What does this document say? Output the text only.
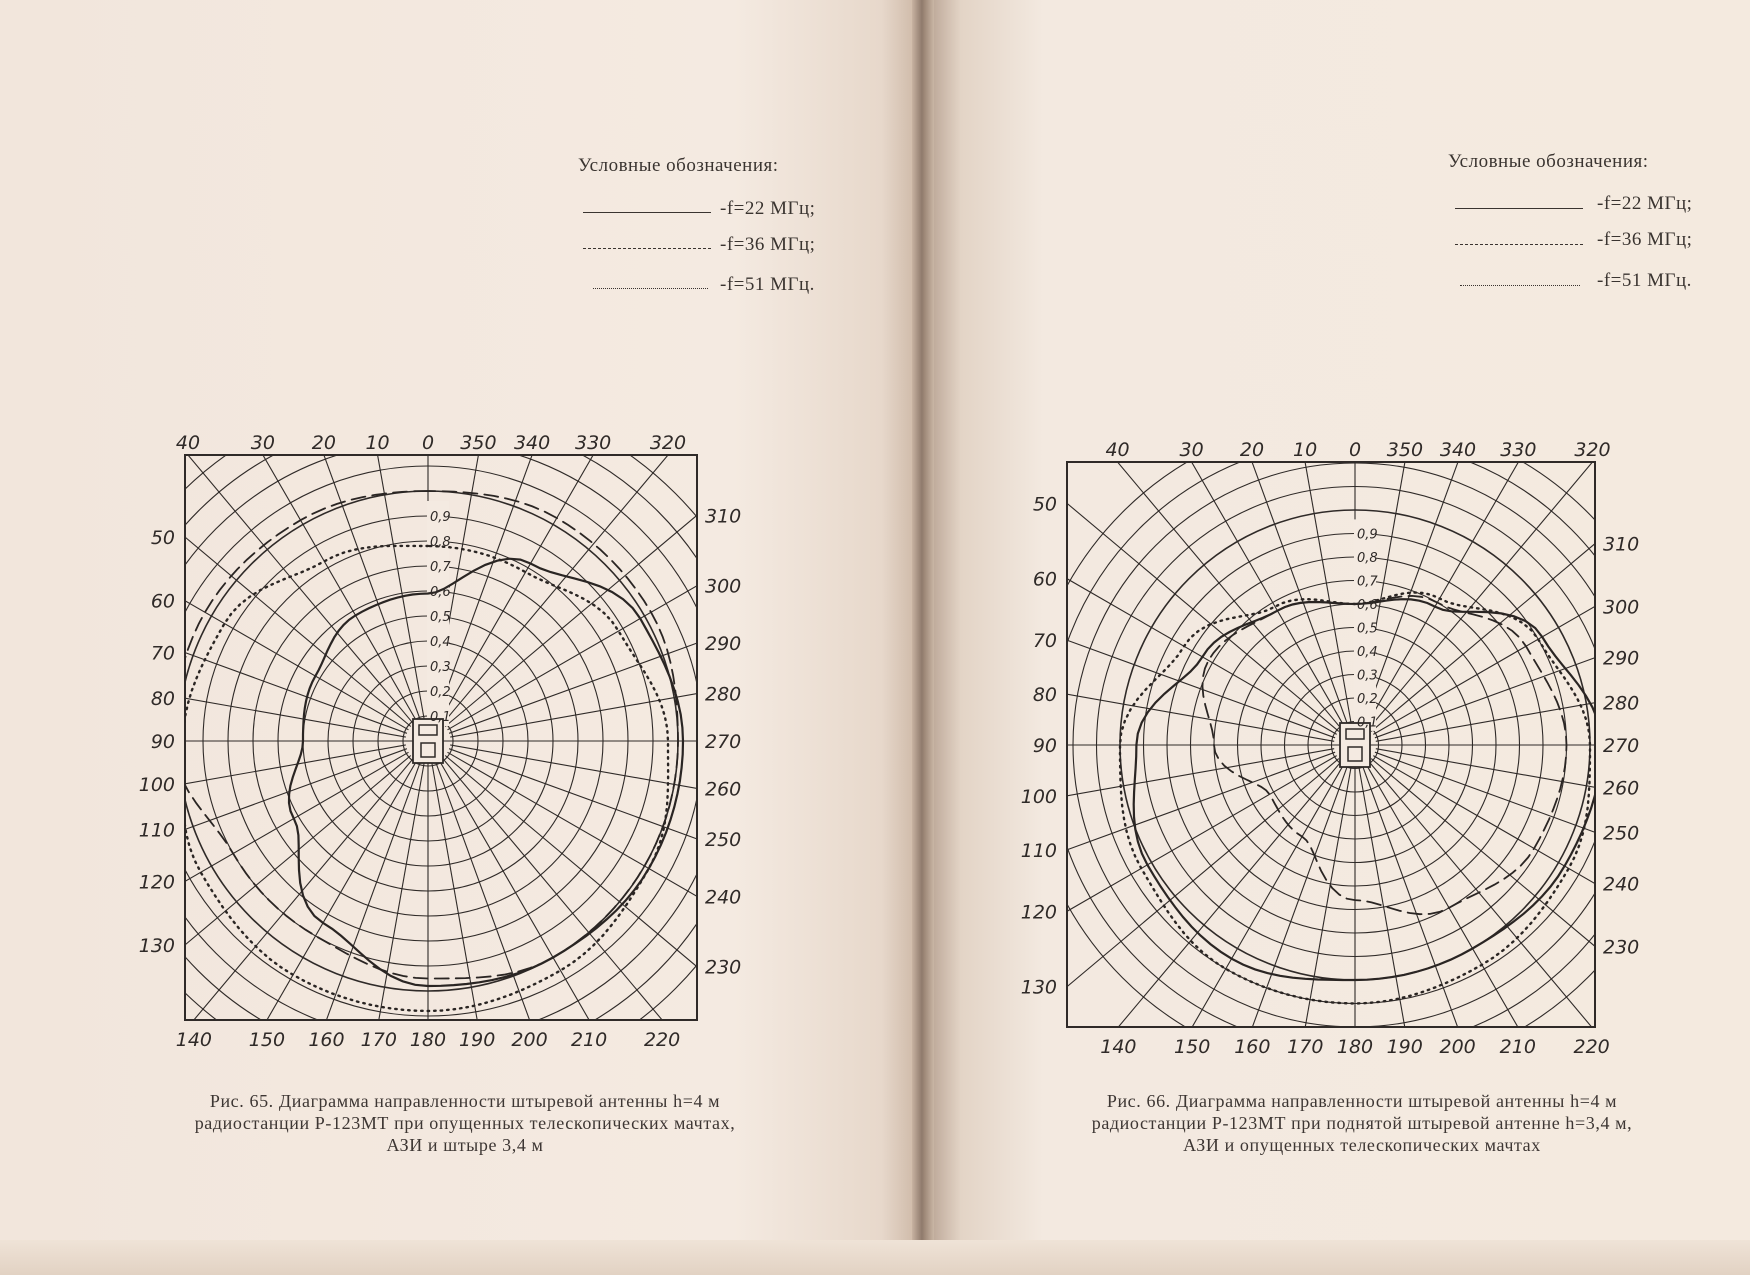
Условные обозначения:
-f=22 МГц;
-f=36 МГц;
-f=51 МГц.
Условные обозначения:
-f=22 МГц;
-f=36 МГц;
-f=51 МГц.
0,9
0,8
0,7
0,6
0,5
0,4
0,3
0,2
0,1
40	30 20 10 0 350 340 330 320
140 150 160 170 180 190 200 210 220
50
60
70
80
90
100
110
120
130
310
300
290
280
270
260
250
240
230
0,9
0,8
0,7
0,6
0,5
0,4
0,3
0,2
0,1
40	30 20 10 0 350 340 330 320
140 150 160 170 180 190 200 210 220
50
60
70
80
90
100
110
120
130
310
300
290
280
270
260
250
240
230
Рис. 65. Диаграмма направленности штыревой антенны h=4 м
радиостанции Р-123МТ при опущенных телескопических мачтах,
АЗИ и штыре 3,4 м
Рис. 66. Диаграмма направленности штыревой антенны h=4 м
радиостанции Р-123МТ при поднятой штыревой антенне h=3,4 м,
АЗИ и опущенных телескопических мачтах
